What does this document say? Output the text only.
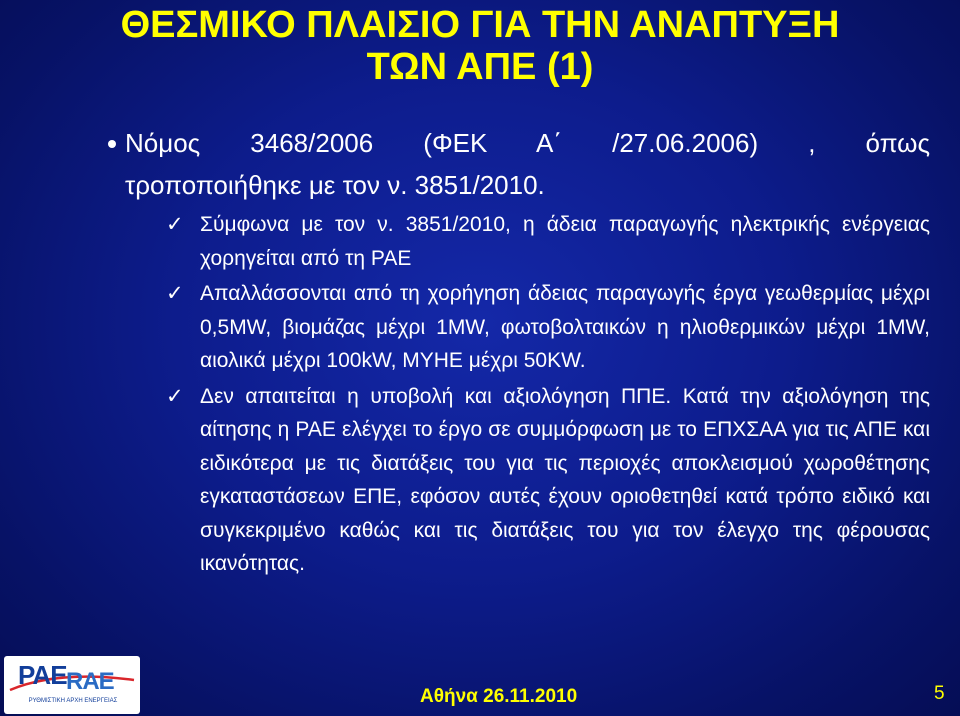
ΘΕΣΜΙΚΟ ΠΛΑΙΣΙΟ ΓΙΑ ΤΗΝ ΑΝΑΠΤΥΞΗ
ΤΩΝ ΑΠΕ (1)
Νόμος 3468/2006 (ΦΕΚ Α΄ /27.06.2006) , όπως
τροποποιήθηκε με τον ν. 3851/2010.
✓ Σύμφωνα με τον ν. 3851/2010, η άδεια παραγωγής ηλεκτρικής ενέργειας χορηγείται από τη ΡΑΕ
✓ Απαλλάσσονται από τη χορήγηση άδειας παραγωγής έργα γεωθερμίας μέχρι 0,5MW, βιομάζας μέχρι 1MW, φωτοβολταικών η ηλιοθερμικών μέχρι 1MW, αιολικά μέχρι 100kW, ΜΥΗΕ μέχρι 50KW.
✓ Δεν απαιτείται η υποβολή και αξιολόγηση ΠΠΕ. Κατά την αξιολόγηση της αίτησης η ΡΑΕ ελέγχει το έργο σε συμμόρφωση με το ΕΠΧΣΑΑ για τις ΑΠΕ και ειδικότερα με τις διατάξεις του για τις περιοχές αποκλεισμού χωροθέτησης εγκαταστάσεων ΕΠΕ, εφόσον αυτές έχουν οριοθετηθεί κατά τρόπο ειδικό και συγκεκριμένο καθώς και τις διατάξεις του για τον έλεγχο της φέρουσας ικανότητας.
PAE RAE
ΡΥΘΜΙΣΤΙΚΗ ΑΡΧΗ ΕΝΕΡΓΕΙΑΣ	Αθήνα 26.11.2010	5
